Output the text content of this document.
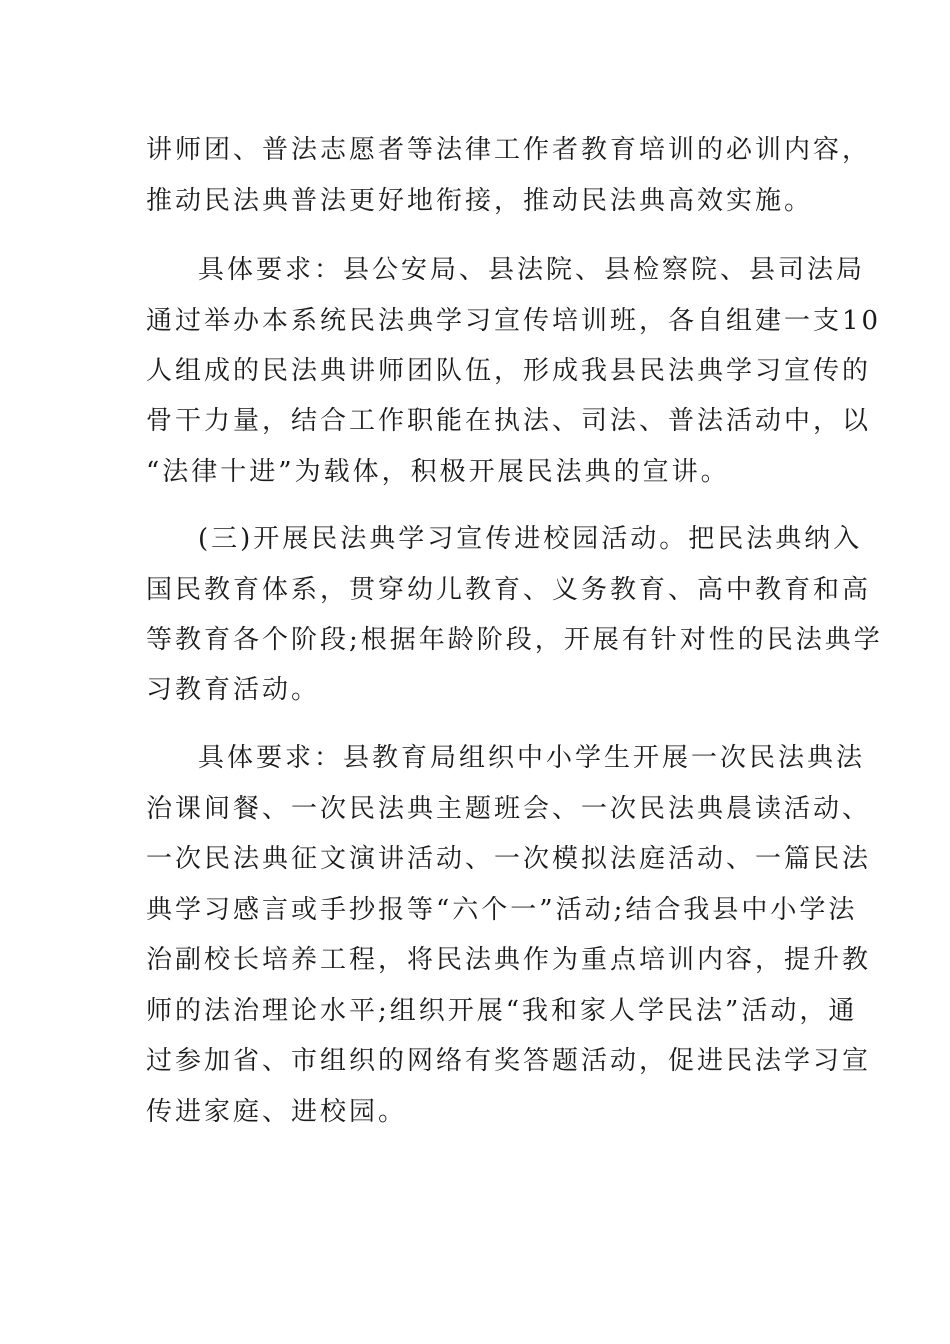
讲师团、普法志愿者等法律工作者教育培训的必训内容，
推动民法典普法更好地衔接，推动民法典高效实施。
具体要求：县公安局、县法院、县检察院、县司法局
通过举办本系统民法典学习宣传培训班，各自组建一支10
人组成的民法典讲师团队伍，形成我县民法典学习宣传的
骨干力量，结合工作职能在执法、司法、普法活动中，以
“法律十进”为载体，积极开展民法典的宣讲。
(三)开展民法典学习宣传进校园活动。把民法典纳入
国民教育体系，贯穿幼儿教育、义务教育、高中教育和高
等教育各个阶段;根据年龄阶段，开展有针对性的民法典学
习教育活动。
具体要求：县教育局组织中小学生开展一次民法典法
治课间餐、一次民法典主题班会、一次民法典晨读活动、
一次民法典征文演讲活动、一次模拟法庭活动、一篇民法
典学习感言或手抄报等“六个一”活动;结合我县中小学法
治副校长培养工程，将民法典作为重点培训内容，提升教
师的法治理论水平;组织开展“我和家人学民法”活动，通
过参加省、市组织的网络有奖答题活动，促进民法学习宣
传进家庭、进校园。
